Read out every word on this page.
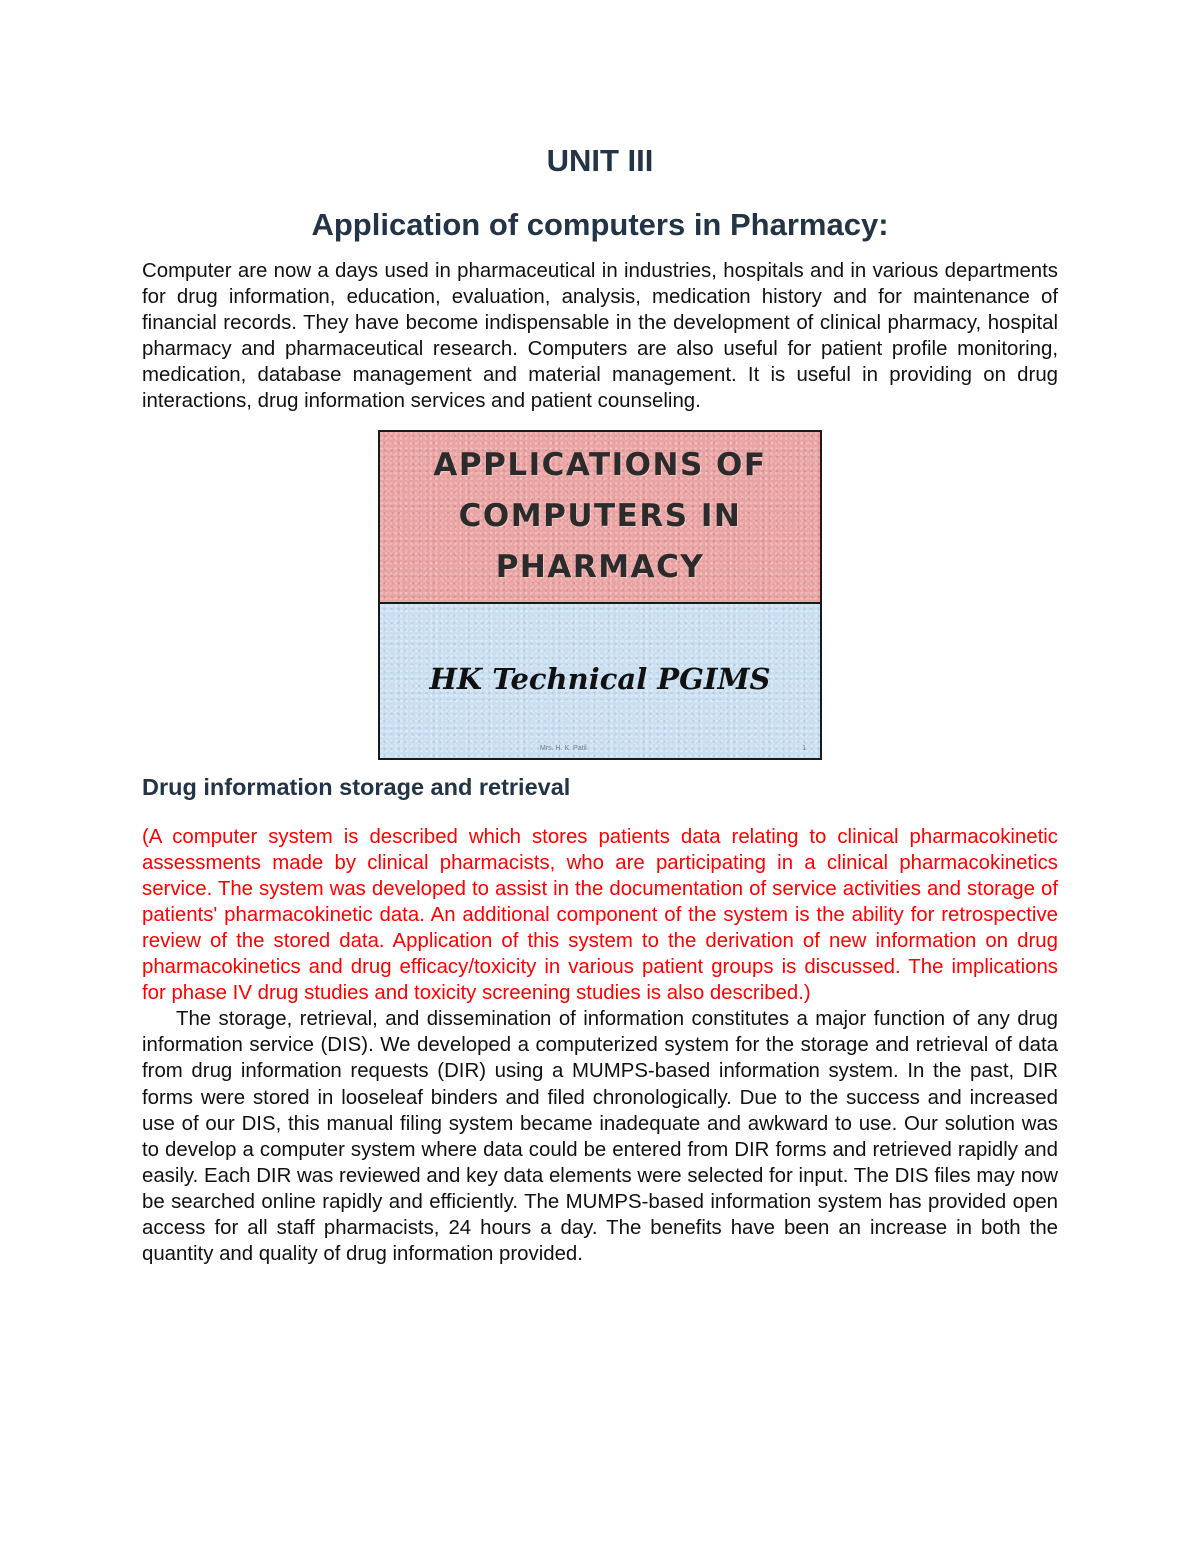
UNIT III
Application of computers in Pharmacy:

Computer are now a days used in pharmaceutical in industries, hospitals and in various departments for drug information, education, evaluation, analysis, medication history and for maintenance of financial records. They have become indispensable in the development of clinical pharmacy, hospital pharmacy and pharmaceutical research. Computers are also useful for patient profile monitoring, medication, database management and material management. It is useful in providing on drug interactions, drug information services and patient counseling.

APPLICATIONS OF
COMPUTERS IN
PHARMACY
HK Technical PGIMS
Mrs. H. K. Patil	1
Drug information storage and retrieval

(A computer system is described which stores patients data relating to clinical pharmacokinetic assessments made by clinical pharmacists, who are participating in a clinical pharmacokinetics service. The system was developed to assist in the documentation of service activities and storage of patients' pharmacokinetic data. An additional component of the system is the ability for retrospective review of the stored data. Application of this system to the derivation of new information on drug pharmacokinetics and drug efficacy/toxicity in various patient groups is discussed. The implications for phase IV drug studies and toxicity screening studies is also described.)

The storage, retrieval, and dissemination of information constitutes a major function of any drug information service (DIS). We developed a computerized system for the storage and retrieval of data from drug information requests (DIR) using a MUMPS-based information system. In the past, DIR forms were stored in looseleaf binders and filed chronologically. Due to the success and increased use of our DIS, this manual filing system became inadequate and awkward to use. Our solution was to develop a computer system where data could be entered from DIR forms and retrieved rapidly and easily. Each DIR was reviewed and key data elements were selected for input. The DIS files may now be searched online rapidly and efficiently. The MUMPS-based information system has provided open access for all staff pharmacists, 24 hours a day. The benefits have been an increase in both the quantity and quality of drug information provided.
